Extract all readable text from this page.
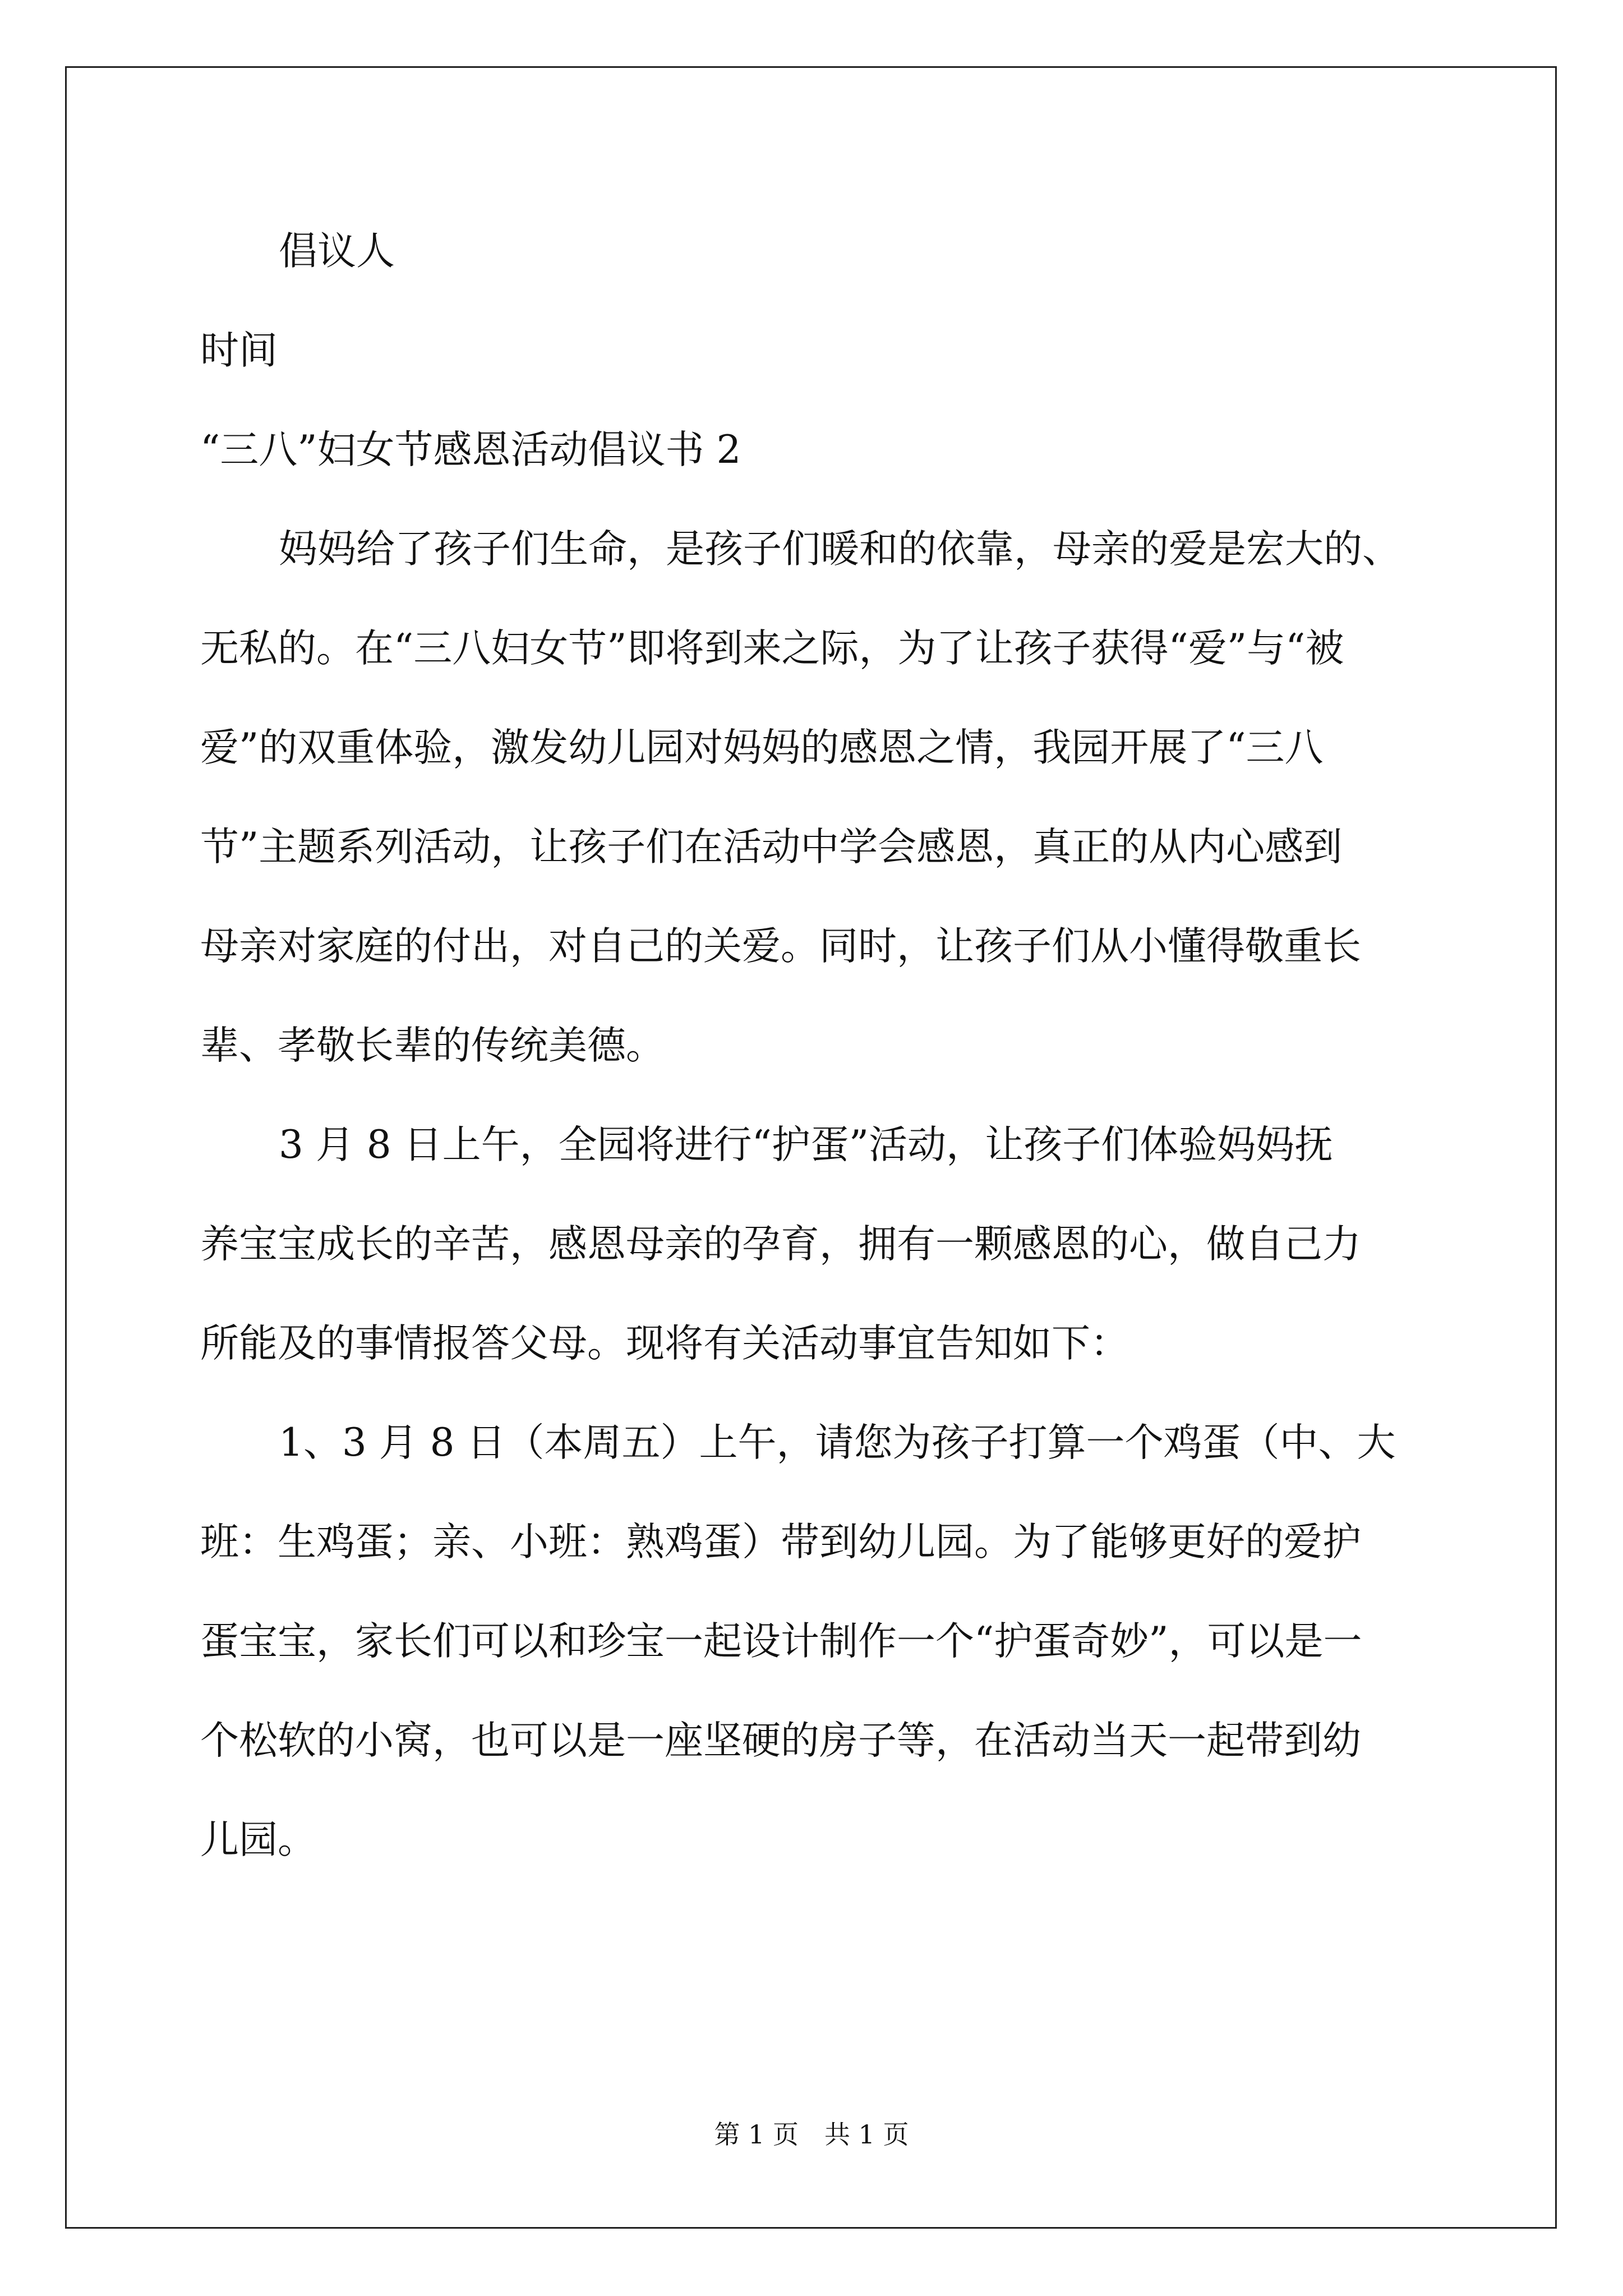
倡议人
时间
“三八”妇女节感恩活动倡议书 2
妈妈给了孩子们生命，是孩子们暖和的依靠，母亲的爱是宏大的、
无私的。在“三八妇女节”即将到来之际，为了让孩子获得“爱”与“被
爱”的双重体验，激发幼儿园对妈妈的感恩之情，我园开展了“三八
节”主题系列活动，让孩子们在活动中学会感恩，真正的从内心感到
母亲对家庭的付出，对自己的关爱。同时，让孩子们从小懂得敬重长
辈、孝敬长辈的传统美德。
3 月 8 日上午，全园将进行“护蛋”活动，让孩子们体验妈妈抚
养宝宝成长的辛苦，感恩母亲的孕育，拥有一颗感恩的心，做自己力
所能及的事情报答父母。现将有关活动事宜告知如下：
1、3 月 8 日（本周五）上午，请您为孩子打算一个鸡蛋（中、大
班：生鸡蛋；亲、小班：熟鸡蛋）带到幼儿园。为了能够更好的爱护
蛋宝宝，家长们可以和珍宝一起设计制作一个“护蛋奇妙”，可以是一
个松软的小窝，也可以是一座坚硬的房子等，在活动当天一起带到幼
儿园。
第 1 页 共 1 页
